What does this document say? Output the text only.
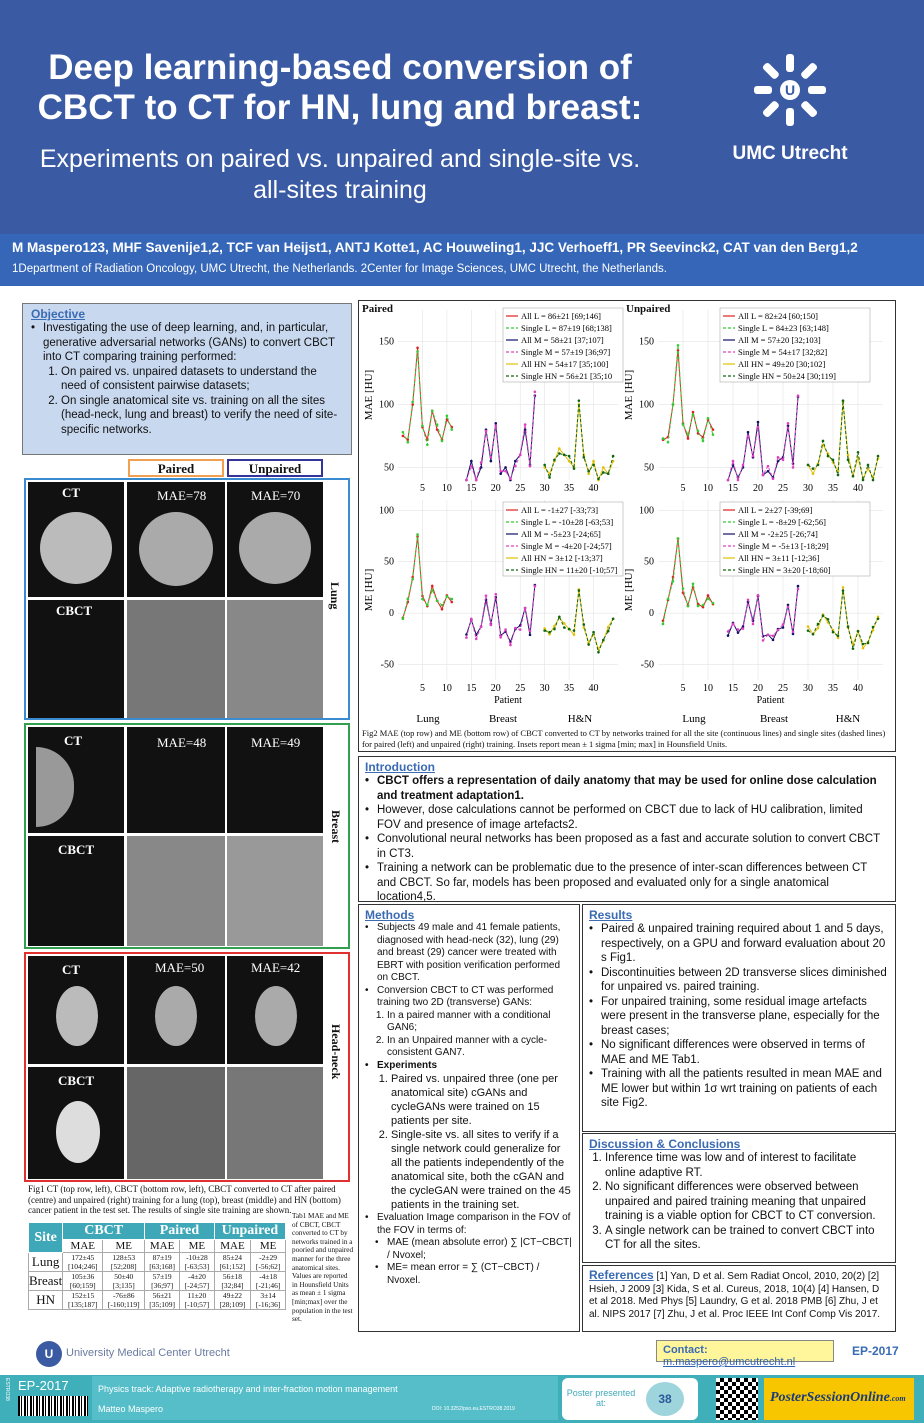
Deep learning-based conversion of CBCT to CT for HN, lung and breast:
Experiments on paired vs. unpaired and single-site vs. all-sites training
U
UMC Utrecht
M Maspero123, MHF Savenije1,2, TCF van Heijst1, ANTJ Kotte1, AC Houweling1, JJC Verhoeff1, PR Seevinck2, CAT van den Berg1,2
1Department of Radiation Oncology, UMC Utrecht, the Netherlands. 2Center for Image Sciences, UMC Utrecht, the Netherlands.
Objective
• Investigating the use of deep learning, and, in particular, generative adversarial networks (GANs) to convert CBCT into CT comparing training performed:
1. On paired vs. unpaired datasets to understand the need of consistent pairwise datasets;
2. On single anatomical site vs. training on all the sites (head-neck, lung and breast) to verify the need of site-specific networks.
Paired	Unpaired
CT	MAE=78	MAE=70
CBCT
Lung
CT	MAE=48	MAE=49
CBCT
Breast
CT	MAE=50	MAE=42
CBCT
Head-neck
Fig1 CT (top row, left), CBCT (bottom row, left), CBCT converted to CT after paired (centre) and unpaired (right) training for a lung (top), breast (middle) and HN (bottom) cancer patient in the test set. The results of single site training are shown.
Site	CBCT		Paired		Unpaired	
	MAE	ME	MAE	ME	MAE	ME
Lung	172±45 [104;246]	128±53 [52;208]	87±19 [63;168]	-10±28 [-63;53]	85±24 [61;152]	-2±29 [-56;62]
Breast	105±36 [60;159]	50±40 [3;135]	57±19 [36;97]	-4±20 [-24;57]	56±18 [32;84]	-4±18 [-21;46]
HN	152±15 [135;187]	-76±86 [-160;119]	56±21 [35;109]	11±20 [-10;57]	49±22 [28;109]	3±14 [-16;36]
Tab1 MAE and ME of CBCT, CBCT converted to CT by networks trained in a pooried and unpaired manner for the three anatomical sites. Values are reported in Hounsfield Units as mean ± 1 sigma [min;max] over the population in the test set.
Paired	Unpaired
5 10 15 20 25 30 35 40
50
100
150
MAE [HU]
All L = 86±21 [69;146]
Single L = 87±19 [68;138]
All M = 58±21 [37;107]
Single M = 57±19 [36;97]
All HN = 54±17 [35;100]
Single HN = 56±21 [35;10
5 10 15 20 25 30 35 40
50
100
150
MAE [HU]
All L = 82±24 [60;150]
Single L = 84±23 [63;148]
All M = 57±20 [32;103]
Single M = 54±17 [32;82]
All HN = 49±20 [30;102]
Single HN = 50±24 [30;119]
5 10 15 20 25 30 35 40
-50
0
50
100
ME [HU]
Patient
All L = -1±27 [-33;73]
Single L = -10±28 [-63;53]
All M = -5±23 [-24;65]
Single M = -4±20 [-24;57]
All HN = 3±12 [-13;37]
Single HN = 11±20 [-10;57]
5 10 15 20 25 30 35 40
-50
0
50
100
ME [HU]
Patient
All L = 2±27 [-39;69]
Single L = -8±29 [-62;56]
All M = -2±25 [-26;74]
Single M = -5±13 [-18;29]
All HN = 3±11 [-12;36]
Single HN = 3±20 [-18;60]
Lung	Breast	H&N	Lung	Breast	H&N
Fig2 MAE (top row) and ME (bottom row) of CBCT converted to CT by networks trained for all the site (continuous lines) and single sites (dashed lines) for paired (left) and unpaired (right) training. Insets report mean ± 1 sigma [min; max] in Hounsfield Units.
Introduction
• CBCT offers a representation of daily anatomy that may be used for online dose calculation and treatment adaptation1.
• However, dose calculations cannot be performed on CBCT due to lack of HU calibration, limited FOV and presence of image artefacts2.
• Convolutional neural networks has been proposed as a fast and accurate solution to convert CBCT in CT3.
• Training a network can be problematic due to the presence of inter-scan differences between CT and CBCT. So far, models has been proposed and evaluated only for a single anatomical location4,5.
Methods
• Subjects 49 male and 41 female patients, diagnosed with head-neck (32), lung (29) and breast (29) cancer were treated with EBRT with position verification performed on CBCT.
• Conversion CBCT to CT was performed training two 2D (transverse) GANs:
1. In a paired manner with a conditional GAN6;
2. In an Unpaired manner with a cycle-consistent GAN7.
• Experiments
1. Paired vs. unpaired three (one per anatomical site) cGANs and cycleGANs were trained on 15 patients per site.
2. Single-site vs. all sites to verify if a single network could generalize for all the patients independently of the anatomical site, both the cGAN and the cycleGAN were trained on the 45 patients in the training set.
• Evaluation Image comparison in the FOV of the FOV in terms of:
• MAE (mean absolute error) ∑ |CT−CBCT| / Nvoxel;
• ME= mean error = ∑ (CT−CBCT) / Nvoxel.
Results
• Paired & unpaired training required about 1 and 5 days, respectively, on a GPU and forward evaluation about 20 s Fig1.
• Discontinuities between 2D transverse slices diminished for unpaired vs. paired training.
• For unpaired training, some residual image artefacts were present in the transverse plane, especially for the breast cases;
• No significant differences were observed in terms of MAE and ME Tab1.
• Training with all the patients resulted in mean MAE and ME lower but within 1σ wrt training on patients of each site Fig2.
Discussion & Conclusions
1. Inference time was low and of interest to facilitate online adaptive RT.
2. No significant differences were observed between unpaired and paired training meaning that unpaired training is a viable option for CBCT to CT conversion.
3. A single network can be trained to convert CBCT into CT for all the sites.
References [1] Yan, D et al. Sem Radiat Oncol, 2010, 20(2) [2] Hsieh, J 2009 [3] Kida, S et al. Cureus, 2018, 10(4) [4] Hansen, D et al 2018. Med Phys [5] Laundry, G et al. 2018 PMB [6] Zhu, J et al. NIPS 2017 [7] Zhu, J et al. Proc IEEE Int Conf Comp Vis 2017.
U	University Medical Center Utrecht	Contact: m.maspero@umcutrecht.nl
EP-2017
ESTRO38 EP-2017	Physics track: Adaptive radiotherapy and inter-fraction motion management
Matteo Maspero	DOI: 10.3252/pso.eu.ESTRO38.2019
Poster presented at:	38	PosterSessionOnline.com
